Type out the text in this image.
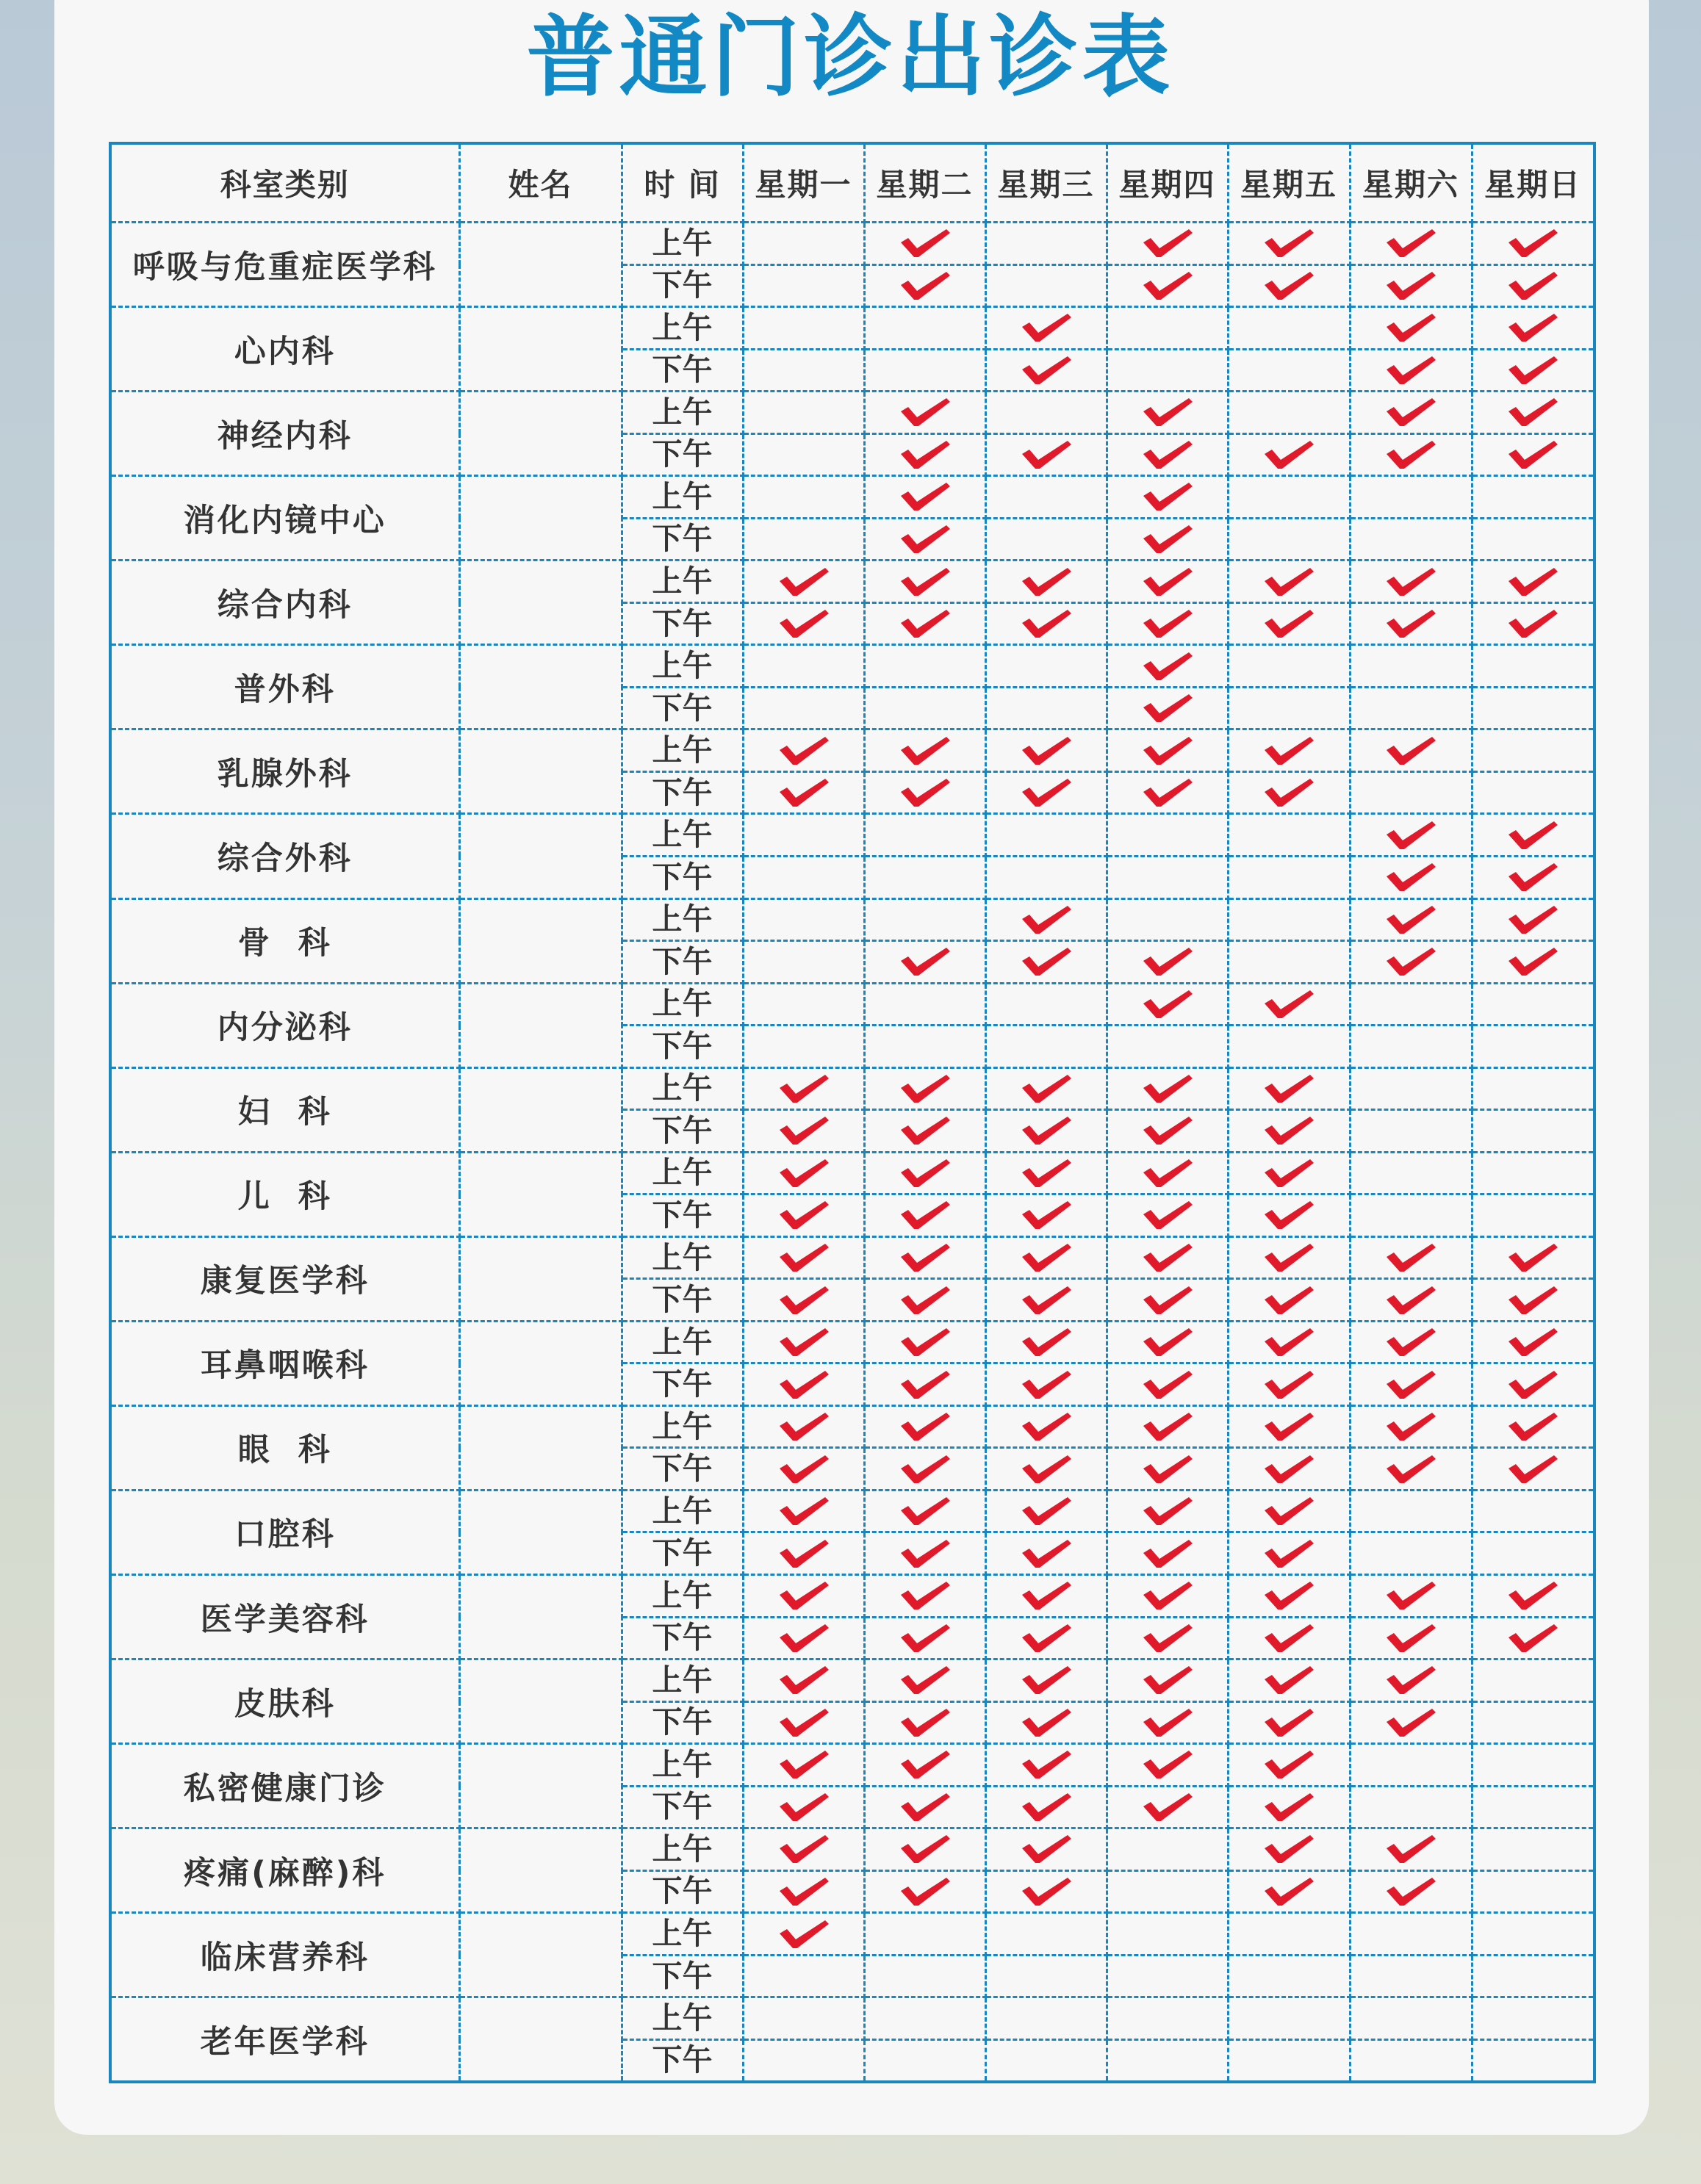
普通门诊出诊表
科室类别	姓名	时 间	星期一	星期二	星期三	星期四	星期五	星期六	星期日
呼吸与危重症医学科		上午		

		下午		

心内科		上午			

		下午			

神经内科		上午		

		下午		

消化内镜中心		上午		

		下午		

综合内科		上午	

		下午	

普外科		上午				

		下午				

乳腺外科		上午	

		下午	

综合外科		上午						

		下午						

骨  科		上午			

		下午		

内分泌科		上午				

		下午							
妇  科		上午	

		下午	

儿  科		上午	

		下午	

康复医学科		上午	

		下午	

耳鼻咽喉科		上午	

		下午	

眼  科		上午	

		下午	

口腔科		上午	

		下午	

医学美容科		上午	

		下午	

皮肤科		上午	

		下午	

私密健康门诊		上午	

		下午	

疼痛(麻醉)科		上午	

		下午	

临床营养科		上午	

		下午							
老年医学科		上午							
		下午							
